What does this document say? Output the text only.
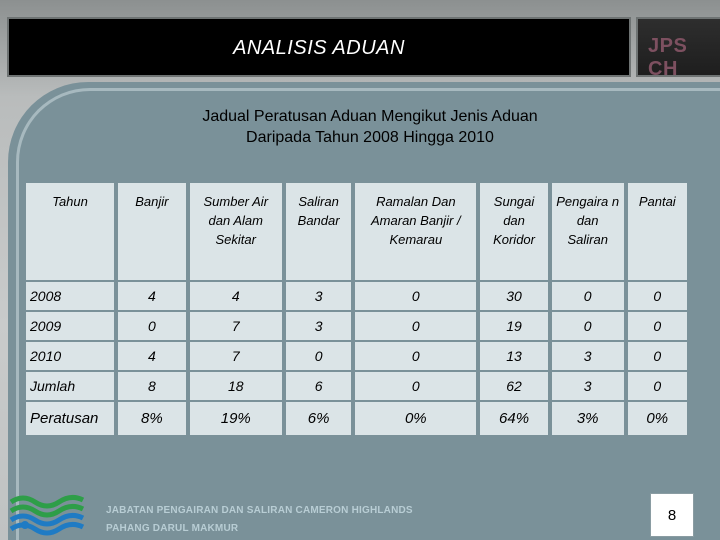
ANALISIS ADUAN	JPS CH
Jadual Peratusan Aduan Mengikut Jenis Aduan
Daripada Tahun 2008 Hingga 2010
Tahun	Banjir	Sumber Air dan Alam Sekitar	Saliran Bandar	Ramalan Dan Amaran Banjir / Kemarau	Sungai dan Koridor	Pengaira n dan Saliran	Pantai
2008	4	4	3	0	30	0	0
2009	0	7	3	0	19	0	0
2010	4	7	0	0	13	3	0
Jumlah	8	18	6	0	62	3	0
Peratusan	8%	19%	6%	0%	64%	3%	0%
JABATAN PENGAIRAN DAN SALIRAN CAMERON HIGHLANDS
PAHANG DARUL MAKMUR
8
